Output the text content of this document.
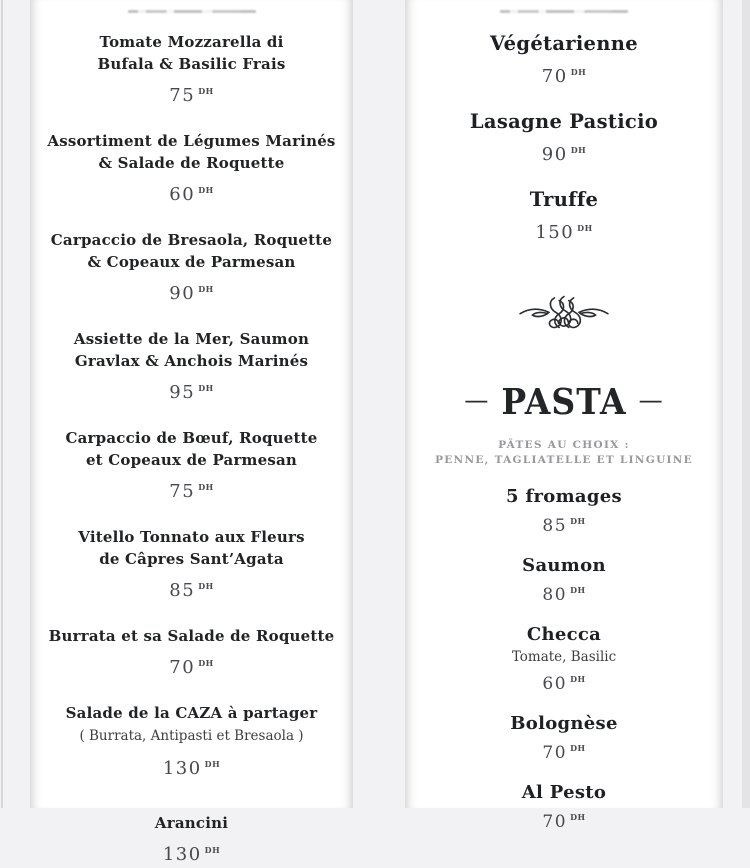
Tomate Mozzarella di
Bufala & Basilic Frais
75 $^{DH}$
Assortiment de Légumes Marinés
& Salade de Roquette
60 $^{DH}$
Carpaccio de Bresaola, Roquette
& Copeaux de Parmesan
90 $^{DH}$
Assiette de la Mer, Saumon
Gravlax & Anchois Marinés
95 $^{DH}$
Carpaccio de Bœuf, Roquette
et Copeaux de Parmesan
75 $^{DH}$
Vitello Tonnato aux Fleurs
de Câpres Sant’Agata
85 $^{DH}$
Burrata et sa Salade de Roquette
70 $^{DH}$
Salade de la CAZA à partager
( Burrata, Antipasti et Bresaola )
130 $^{DH}$
Arancini
130 $^{DH}$
Végétarienne
70 $^{DH}$
Lasagne Pasticio
90 $^{DH}$
Truffe
150 $^{DH}$
— PASTA —
PÂTES AU CHOIX :
PENNE, TAGLIATELLE ET LINGUINE
5 fromages
85 $^{DH}$
Saumon
80 $^{DH}$
Checca
Tomate, Basilic
60 $^{DH}$
Bolognèse
70 $^{DH}$
Al Pesto
70 $^{DH}$
